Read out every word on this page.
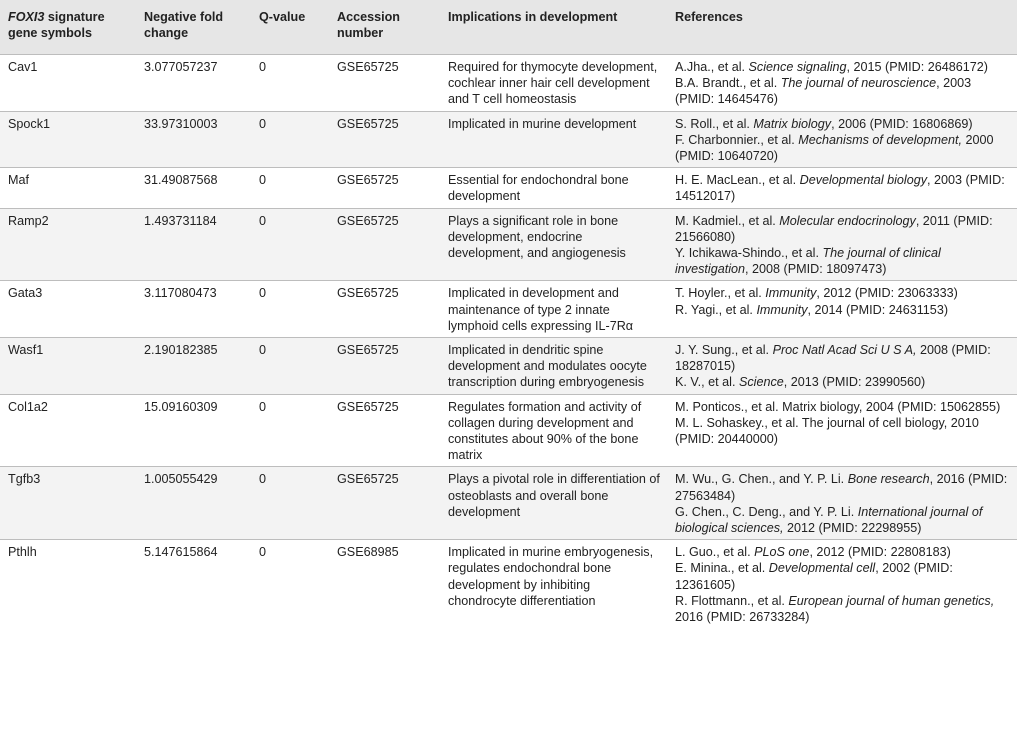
FOXI3 signature gene symbols	Negative fold change	Q-value	Accession number	Implications in development	References
Cav1	3.077057237	0	GSE65725	Required for thymocyte development, cochlear inner hair cell development and T cell homeostasis	A.Jha., et al. Science signaling, 2015 (PMID: 26486172)
B.A. Brandt., et al. The journal of neuroscience, 2003 (PMID: 14645476)

Spock1	33.97310003	0	GSE65725	Implicated in murine development	S. Roll., et al. Matrix biology, 2006 (PMID: 16806869)
F. Charbonnier., et al. Mechanisms of development, 2000 (PMID: 10640720)

Maf	31.49087568	0	GSE65725	Essential for endochondral bone development	H. E. MacLean., et al. Developmental biology, 2003 (PMID: 14512017)

Ramp2	1.493731184	0	GSE65725	Plays a significant role in bone development, endocrine development, and angiogenesis	M. Kadmiel., et al. Molecular endocrinology, 2011 (PMID: 21566080)
Y. Ichikawa-Shindo., et al. The journal of clinical investigation, 2008 (PMID: 18097473)

Gata3	3.117080473	0	GSE65725	Implicated in development and maintenance of type 2 innate lymphoid cells expressing IL-7Rα	T. Hoyler., et al. Immunity, 2012 (PMID: 23063333)
R. Yagi., et al. Immunity, 2014 (PMID: 24631153)

Wasf1	2.190182385	0	GSE65725	Implicated in dendritic spine development and modulates oocyte transcription during embryogenesis	J. Y. Sung., et al. Proc Natl Acad Sci U S A, 2008 (PMID: 18287015)
K. V., et al. Science, 2013 (PMID: 23990560)

Col1a2	15.09160309	0	GSE65725	Regulates formation and activity of collagen during development and constitutes about 90% of the bone matrix	M. Ponticos., et al. Matrix biology, 2004 (PMID: 15062855)
M. L. Sohaskey., et al. The journal of cell biology, 2010 (PMID: 20440000)

Tgfb3	1.005055429	0	GSE65725	Plays a pivotal role in differentiation of osteoblasts and overall bone development	M. Wu., G. Chen., and Y. P. Li. Bone research, 2016 (PMID: 27563484)
G. Chen., C. Deng., and Y. P. Li. International journal of biological sciences, 2012 (PMID: 22298955)

Pthlh	5.147615864	0	GSE68985	Implicated in murine embryogenesis, regulates endochondral bone development by inhibiting chondrocyte differentiation	L. Guo., et al. PLoS one, 2012 (PMID: 22808183)
E. Minina., et al. Developmental cell, 2002 (PMID: 12361605)
R. Flottmann., et al. European journal of human genetics, 2016 (PMID: 26733284)
